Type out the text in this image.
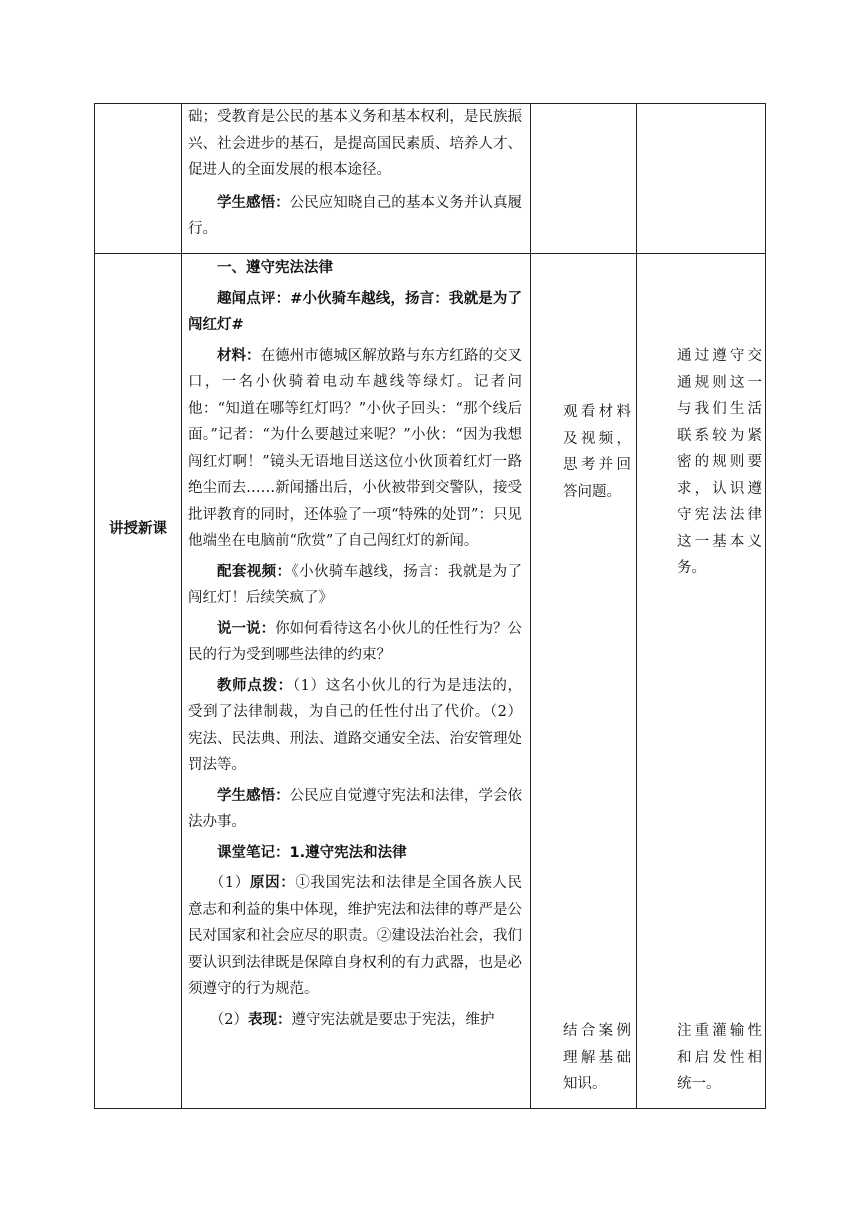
础；受教育是公民的基本义务和基本权利，是民族振兴、社会进步的基石，是提高国民素质、培养人才、促进人的全面发展的根本途径。

学生感悟：公民应知晓自己的基本义务并认真履行。

讲授新课

一、遵守宪法法律

趣闻点评：#小伙骑车越线，扬言：我就是为了闯红灯#

材料：在德州市德城区解放路与东方红路的交叉口，一名小伙骑着电动车越线等绿灯。记者问他：“知道在哪等红灯吗？”小伙子回头：“那个线后面。”记者：“为什么要越过来呢？”小伙：“因为我想闯红灯啊！”镜头无语地目送这位小伙顶着红灯一路绝尘而去……新闻播出后，小伙被带到交警队，接受批评教育的同时，还体验了一项“特殊的处罚”：只见他端坐在电脑前“欣赏”了自己闯红灯的新闻。

配套视频：《小伙骑车越线，扬言：我就是为了闯红灯！后续笑疯了》

说一说：你如何看待这名小伙儿的任性行为？公民的行为受到哪些法律的约束？

教师点拨：（1）这名小伙儿的行为是违法的，受到了法律制裁，为自己的任性付出了代价。（2）宪法、民法典、刑法、道路交通安全法、治安管理处罚法等。

学生感悟：公民应自觉遵守宪法和法律，学会依法办事。

课堂笔记：1.遵守宪法和法律

（1）原因：①我国宪法和法律是全国各族人民意志和利益的集中体现，维护宪法和法律的尊严是公民对国家和社会应尽的职责。②建设法治社会，我们要认识到法律既是保障自身权利的有力武器，也是必须遵守的行为规范。

（2）表现：遵守宪法就是要忠于宪法，维护

观看材料及视频，思考并回答问题。

结合案例理解基础知识。

通过遵守交通规则这一与我们生活联系较为紧密的规则要求，认识遵守宪法法律这一基本义务。

注重灌输性和启发性相统一。
